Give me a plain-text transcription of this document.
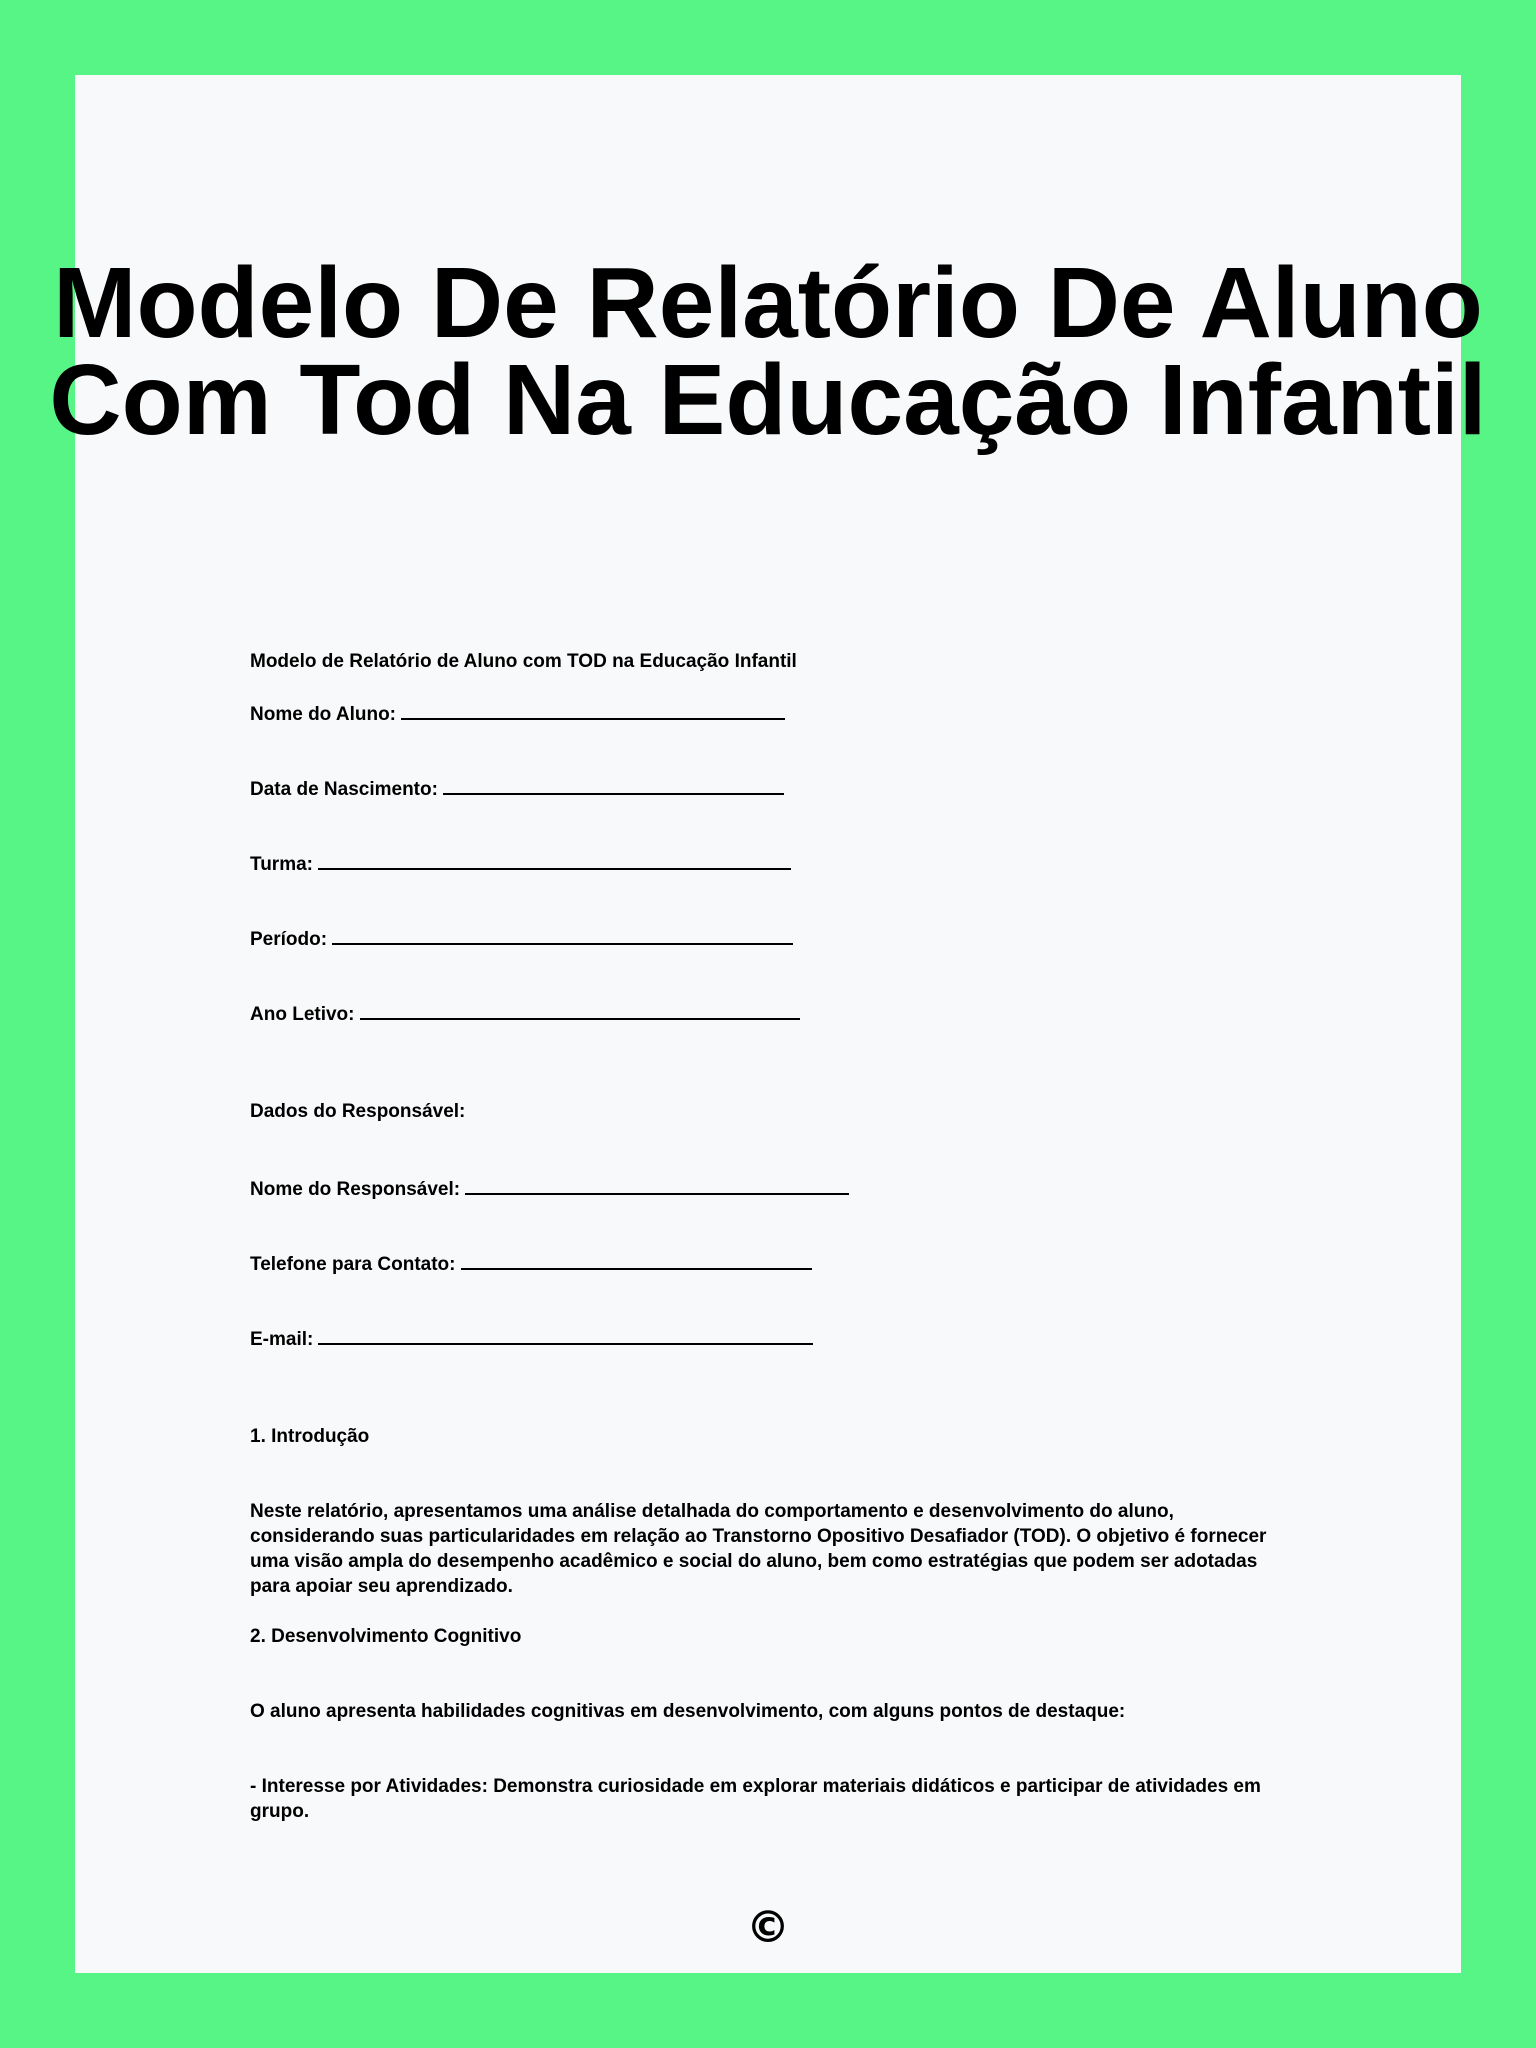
Modelo De Relatório De Aluno Com Tod Na Educação Infantil
Modelo de Relatório de Aluno com TOD na Educação Infantil
Nome do Aluno:
Data de Nascimento:
Turma:
Período:
Ano Letivo:
Dados do Responsável:
Nome do Responsável:
Telefone para Contato:
E-mail:
1. Introdução
Neste relatório, apresentamos uma análise detalhada do comportamento e desenvolvimento do aluno, considerando suas particularidades em relação ao Transtorno Opositivo Desafiador (TOD). O objetivo é fornecer uma visão ampla do desempenho acadêmico e social do aluno, bem como estratégias que podem ser adotadas para apoiar seu aprendizado.
2. Desenvolvimento Cognitivo
O aluno apresenta habilidades cognitivas em desenvolvimento, com alguns pontos de destaque:
- Interesse por Atividades: Demonstra curiosidade em explorar materiais didáticos e participar de atividades em grupo.
©
